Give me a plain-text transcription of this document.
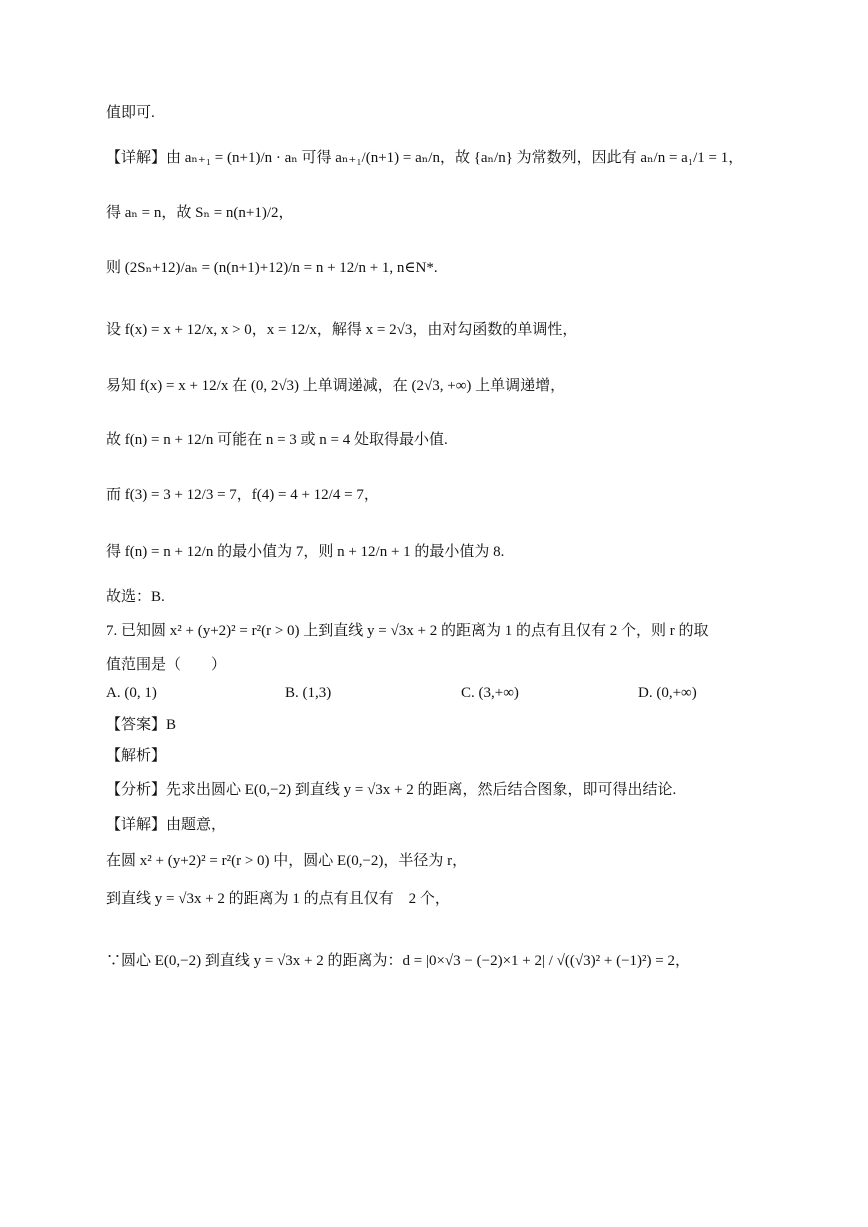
值即可.
【详解】由 aₙ₊₁ = (n+1)/n · aₙ 可得 aₙ₊₁/(n+1) = aₙ/n，故 {aₙ/n} 为常数列，因此有 aₙ/n = a₁/1 = 1，
得 aₙ = n，故 Sₙ = n(n+1)/2，
则 (2Sₙ+12)/aₙ = (n(n+1)+12)/n = n + 12/n + 1, n∈N*.
设 f(x) = x + 12/x, x > 0，x = 12/x，解得 x = 2√3，由对勾函数的单调性，
易知 f(x) = x + 12/x 在 (0, 2√3) 上单调递减，在 (2√3, +∞) 上单调递增，
故 f(n) = n + 12/n 可能在 n = 3 或 n = 4 处取得最小值.
而 f(3) = 3 + 12/3 = 7，f(4) = 4 + 12/4 = 7，
得 f(n) = n + 12/n 的最小值为 7，则 n + 12/n + 1 的最小值为 8.
故选：B.
7. 已知圆 x² + (y+2)² = r²(r > 0) 上到直线 y = √3x + 2 的距离为 1 的点有且仅有 2 个，则 r 的取
值范围是（　　）
A. (0, 1)	B. (1,3)	C. (3,+∞)	D. (0,+∞)
【答案】B
【解析】
【分析】先求出圆心 E(0,−2) 到直线 y = √3x + 2 的距离，然后结合图象，即可得出结论.
【详解】由题意，
在圆 x² + (y+2)² = r²(r > 0) 中，圆心 E(0,−2)，半径为 r，
到直线 y = √3x + 2 的距离为 1 的点有且仅有　2 个，
∵圆心 E(0,−2) 到直线 y = √3x + 2 的距离为：d = |0×√3 − (−2)×1 + 2| / √((√3)² + (−1)²) = 2，
